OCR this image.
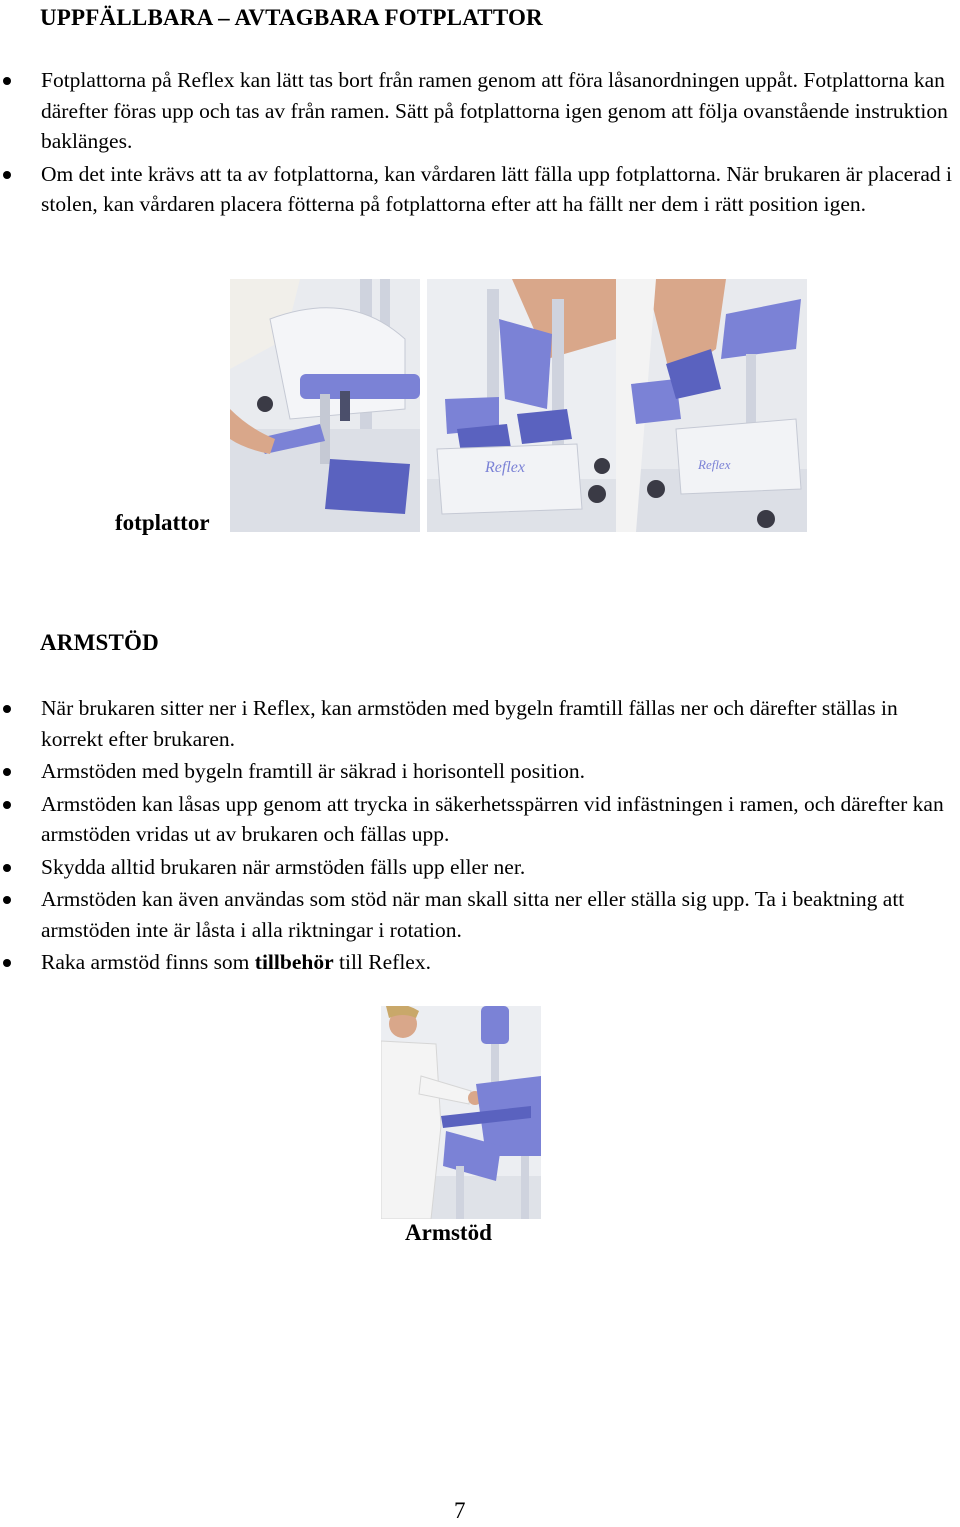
UPPFÄLLBARA – AVTAGBARA FOTPLATTOR
Fotplattorna på Reflex kan lätt tas bort från ramen genom att föra låsanordningen uppåt. Fotplattorna kan därefter föras upp och tas av från ramen. Sätt på fotplattorna igen genom att följa ovanstående instruktion baklänges.
Om det inte krävs att ta av fotplattorna, kan vårdaren lätt fälla upp fotplattorna. När brukaren är placerad i stolen, kan vårdaren placera fötterna på fotplattorna efter att ha fällt ner dem i rätt position igen.
Reflex	Reflex

fotplattor

ARMSTÖD
När brukaren sitter ner i Reflex, kan armstöden med bygeln framtill fällas ner och därefter ställas in korrekt efter brukaren.
Armstöden med bygeln framtill är säkrad i horisontell position.
Armstöden kan låsas upp genom att trycka in säkerhetsspärren vid infästningen i ramen, och därefter kan armstöden vridas ut av brukaren och fällas upp.
Skydda alltid brukaren när armstöden fälls upp eller ner.
Armstöden kan även användas som stöd när man skall sitta ner eller ställa sig upp. Ta i beaktning att armstöden inte är låsta i alla riktningar i rotation.
Raka armstöd finns som tillbehör till Reflex.

Armstöd

7
